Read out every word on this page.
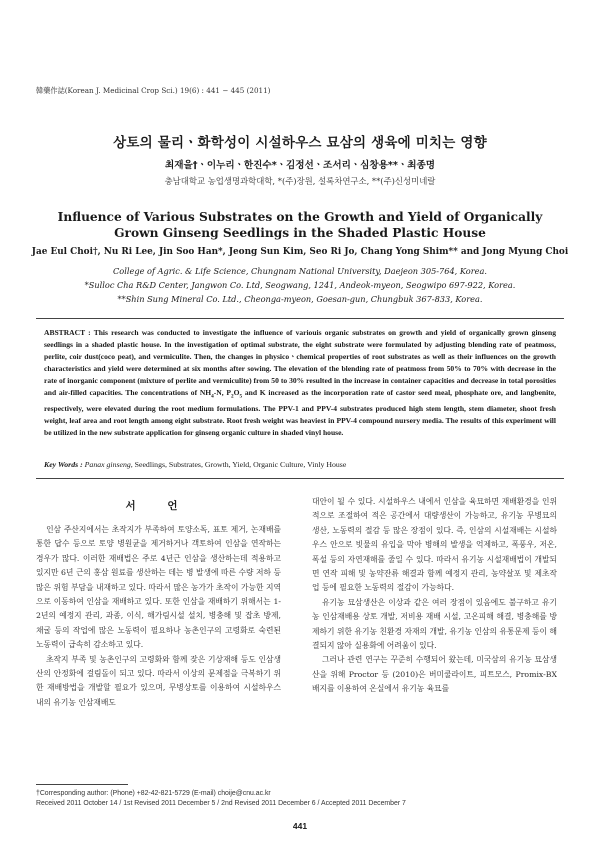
韓藥作誌(Korean J. Medicinal Crop Sci.) 19(6) : 441 − 445 (2011)
상토의 물리ㆍ화학성이 시설하우스 묘삼의 생육에 미치는 영향
최재을†ㆍ이누리ㆍ한진수*ㆍ김정선ㆍ조서리ㆍ심창용**ㆍ최종명
충남대학교 농업생명과학대학, *(주)장원, 설록차연구소, **(주)신성미네랄
Influence of Various Substrates on the Growth and Yield of Organically
Grown Ginseng Seedlings in the Shaded Plastic House
Jae Eul Choi†, Nu Ri Lee, Jin Soo Han*, Jeong Sun Kim, Seo Ri Jo, Chang Yong Shim** and Jong Myung Choi
College of Agric. & Life Science, Chungnam National University, Daejeon 305-764, Korea.
*Sulloc Cha R&D Center, Jangwon Co. Ltd, Seogwang, 1241, Andeok-myeon, Seogwipo 697-922, Korea.
**Shin Sung Mineral Co. Ltd., Cheonga-myeon, Goesan-gun, Chungbuk 367-833, Korea.
ABSTRACT : This research was conducted to investigate the influence of variouis organic substrates on growth and yield of organically grown ginseng seedlings in a shaded plastic house. In the investigation of optimal substrate, the eight substrate were formulated by adjusting blending rate of peatmoss, perlite, coir dust(coco peat), and vermiculite. Then, the changes in physicoㆍchemical properties of root substrates as well as their influences on the growth characteristics and yield were determined at six months after sowing. The elevation of the blending rate of peatmoss from 50% to 70% with decrease in the rate of inorganic component (mixture of perlite and vermiculite) from 50 to 30% resulted in the increase in container capacities and decrease in total porosities and air-filled capacities. The concentrations of $NH_4-N$, $P_2O_5$ and K increased as the incorporation rate of castor seed meal, phosphate ore, and langbenite, respectively, were elevated during the root medium formulations. The PPV-1 and PPV-4 substrates produced high stem length, stem diameter, shoot fresh weight, leaf area and root length among eight substrate. Root fresh weight was heaviest in PPV-4 compound nursery media. The results of this experiment will be utilized in the new substrate application for ginseng organic culture in shaded vinyl house.
Key Words : Panax ginseng, Seedlings, Substrates, Growth, Yield, Organic Culture, Vinly House
서 언

인삼 주산지에서는 초작지가 부족하여 토양소독, 표토 제거, 논재배를 통한 답수 등으로 토양 병원균을 제거하거나 객토하여 인삼을 연작하는 경우가 많다. 이러한 재배법은 주로 4년근 인삼을 생산하는데 적용하고 있지만 6년 근의 홍삼 원료를 생산하는 데는 병 발생에 따른 수량 저하 등 많은 위험 부담을 내재하고 있다. 따라서 많은 농가가 초작이 가능한 지역으로 이동하여 인삼을 재배하고 있다. 또한 인삼을 재배하기 위해서는 1-2년의 예정지 관리, 과종, 이식, 해가림시설 설치, 병충해 및 잡초 방제, 채굴 등의 작업에 많은 노동력이 필요하나 농촌인구의 고령화로 숙련된 노동력이 급속히 감소하고 있다.

초작지 부족 및 농촌인구의 고령화와 함께 잦은 기상재해 등도 인삼생산의 안정화에 걸림돌이 되고 있다. 따라서 이상의 문제점을 극복하기 위한 재배방법을 개발할 필요가 있으며, 무병상토를 이용하여 시설하우스 내의 유기농 인삼재배도

대안이 될 수 있다. 시설하우스 내에서 인삼을 육묘하면 재배환경을 인위적으로 조절하여 적은 공간에서 대량생산이 가능하고, 유기농 무병묘의 생산, 노동력의 절감 등 많은 장점이 있다. 즉, 인삼의 시설재배는 시설하우스 안으로 빗물의 유입을 막아 병해의 발생을 억제하고, 폭풍우, 저온, 폭설 등의 자연재해를 줄일 수 있다. 따라서 유기농 시설재배법이 개발되면 연작 피해 및 농약잔류 해결과 함께 예정지 관리, 농약살포 및 제초작업 등에 필요한 노동력의 절감이 가능하다.

유기농 묘삼생산은 이상과 같은 여러 장점이 있음에도 불구하고 유기농 인삼재배용 상토 개발, 저비용 재배 시설, 고온피해 해결, 병충해를 방제하기 위한 유기농 친환경 자재의 개발, 유기농 인삼의 유통문제 등이 해결되지 않아 실용화에 어려움이 있다.

그러나 관련 연구는 꾸준히 수행되어 왔는데, 미국삼의 유기농 묘삼생산을 위해 Proctor 등 (2010)은 버미쿨라이트, 피트모스, Promix-BX 배지를 이용하여 온실에서 유기농 육묘를

†Corresponding author: (Phone) +82-42-821-5729 (E-mail) choije@cnu.ac.kr
Received 2011 October 14 / 1st Revised 2011 December 5 / 2nd Revised 2011 December 6 / Accepted 2011 December 7
441
